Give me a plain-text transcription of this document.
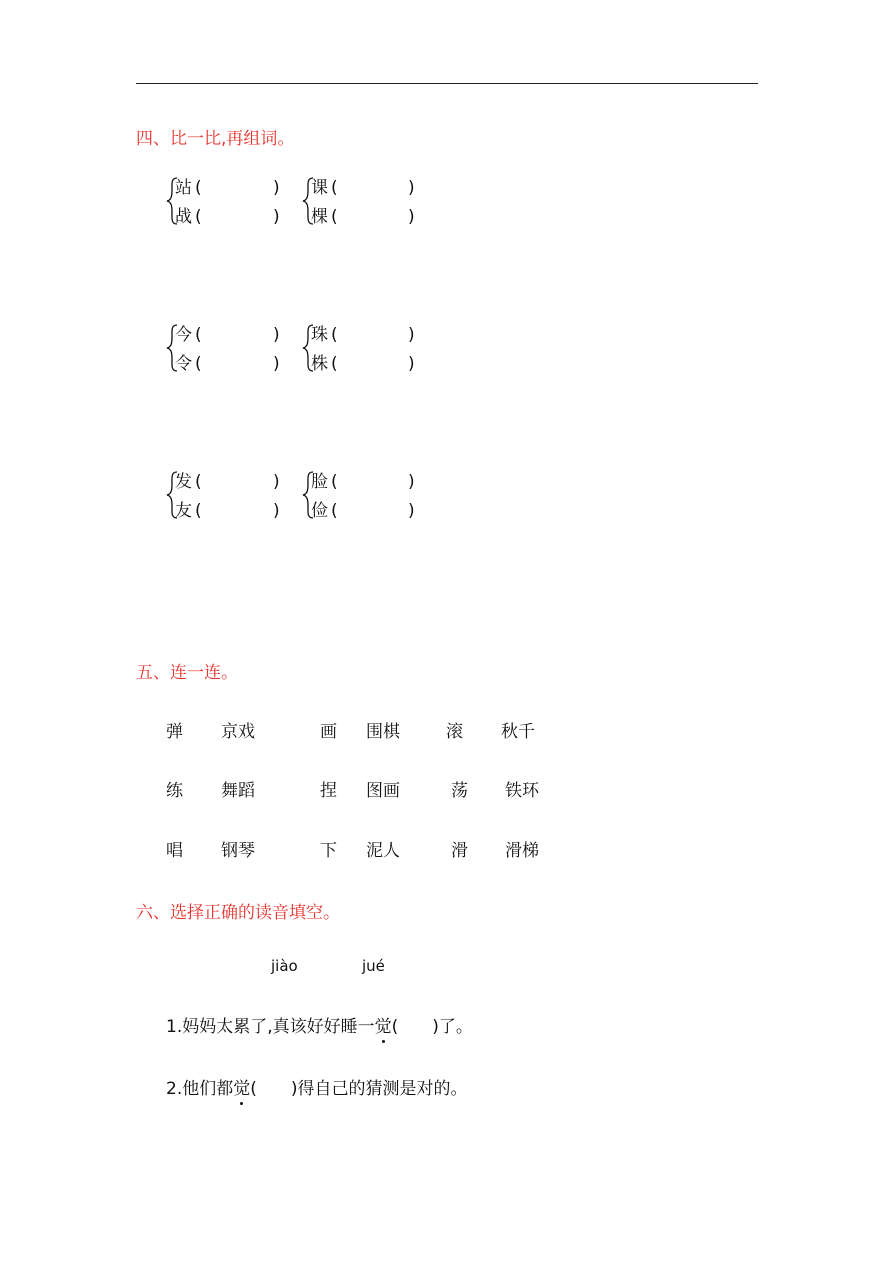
四、比一比,再组词。
站
战
(	)
(	)
课
棵
(	)
(	)
今
令
(	)
(	)
珠
株
(	)
(	)
发
友
(	)
(	)
脸
俭
(	)
(	)
五、连一连。
弹 京戏	画 围棋	滚 秋千
练 舞蹈	捏 图画	荡 铁环
唱 钢琴	下 泥人	滑 滑梯
六、选择正确的读音填空。
jiào	jué
1.妈妈太累了,真该好好睡一觉(　　)了。
2.他们都觉(　　)得自己的猜测是对的。
